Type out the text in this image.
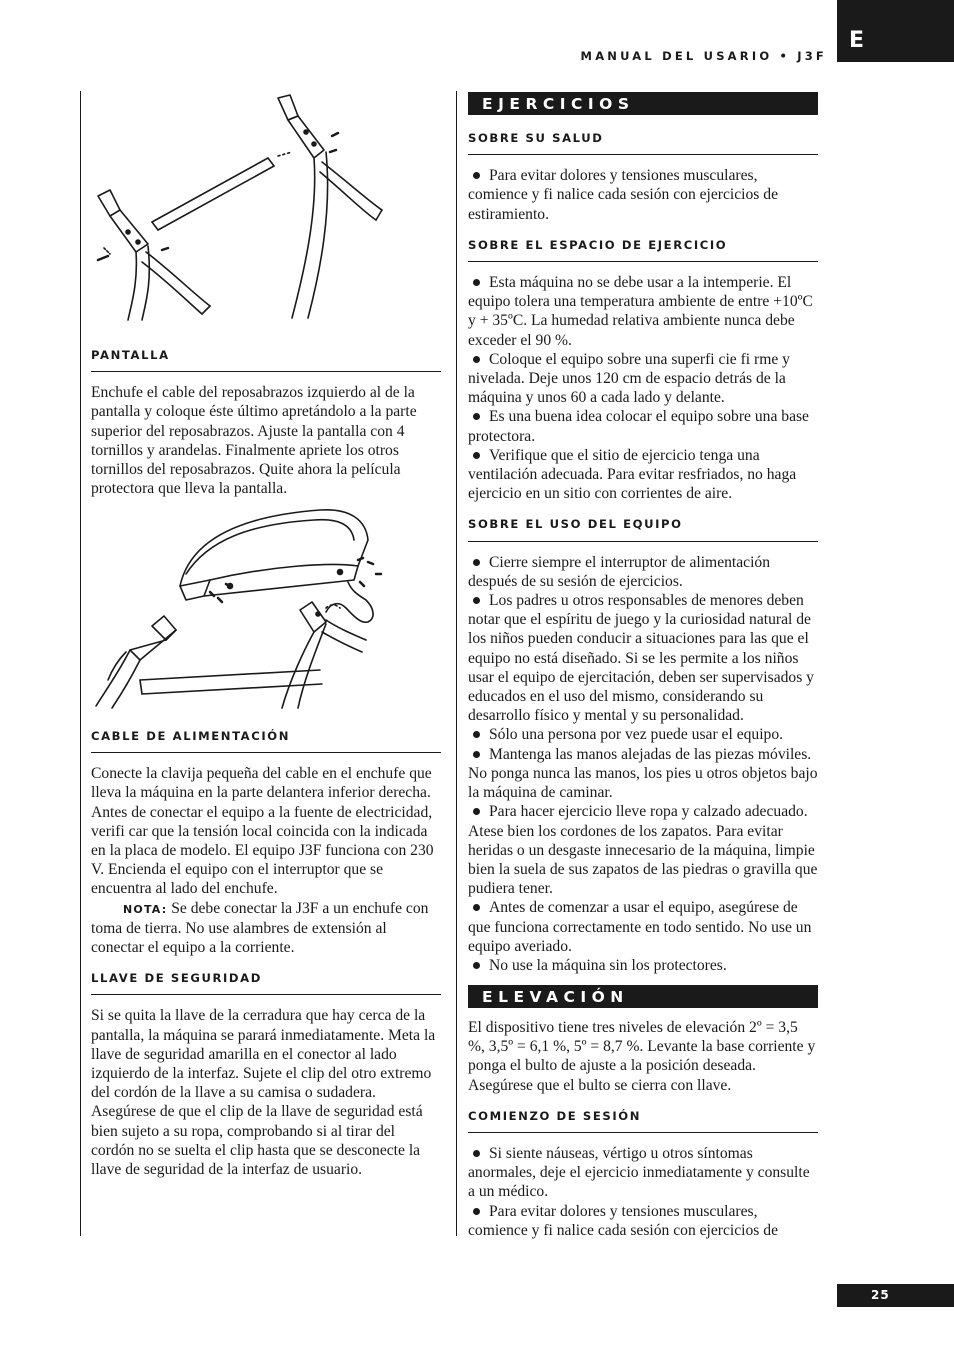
MANUAL DEL USARIO • J3F
E
PANTALLA

Enchufe el cable del reposabrazos izquierdo al de la pantalla y coloque éste último apretándolo a la parte superior del reposabrazos. Ajuste la pantalla con 4 tornillos y arandelas. Finalmente apriete los otros tornillos del reposabrazos. Quite ahora la película protectora que lleva la pantalla.

CABLE DE ALIMENTACIÓN

Conecte la clavija pequeña del cable en el enchufe que lleva la máquina en la parte delantera inferior derecha. Antes de conectar el equipo a la fuente de electricidad, verifi car que la tensión local coincida con la indicada en la placa de modelo. El equipo J3F funciona con 230 V. Encienda el equipo con el interruptor que se encuentra al lado del enchufe.

NOTA: Se debe conectar la J3F a un enchufe con toma de tierra. No use alambres de extensión al conectar el equipo a la corriente.

LLAVE DE SEGURIDAD

Si se quita la llave de la cerradura que hay cerca de la pantalla, la máquina se parará inmediatamente. Meta la llave de seguridad amarilla en el conector al lado izquierdo de la interfaz. Sujete el clip del otro extremo del cordón de la llave a su camisa o sudadera. Asegúrese de que el clip de la llave de seguridad está bien sujeto a su ropa, comprobando si al tirar del cordón no se suelta el clip hasta que se desconecte la llave de seguridad de la interfaz de usuario.

EJERCICIOS
SOBRE SU SALUD

Para evitar dolores y tensiones musculares, comience y fi nalice cada sesión con ejercicios de estiramiento.

SOBRE EL ESPACIO DE EJERCICIO

Esta máquina no se debe usar a la intemperie. El equipo tolera una temperatura ambiente de entre +10ºC y + 35ºC. La humedad relativa ambiente nunca debe exceder el 90 %.

Coloque el equipo sobre una superfi cie fi rme y nivelada. Deje unos 120 cm de espacio detrás de la máquina y unos 60 a cada lado y delante.

Es una buena idea colocar el equipo sobre una base protectora.

Verifique que el sitio de ejercicio tenga una ventilación adecuada. Para evitar resfriados, no haga ejercicio en un sitio con corrientes de aire.

SOBRE EL USO DEL EQUIPO

Cierre siempre el interruptor de alimentación después de su sesión de ejercicios.

Los padres u otros responsables de menores deben notar que el espíritu de juego y la curiosidad natural de los niños pueden conducir a situaciones para las que el equipo no está diseñado. Si se les permite a los niños usar el equipo de ejercitación, deben ser supervisados y educados en el uso del mismo, considerando su desarrollo físico y mental y su personalidad.

Sólo una persona por vez puede usar el equipo.

Mantenga las manos alejadas de las piezas móviles. No ponga nunca las manos, los pies u otros objetos bajo la máquina de caminar.

Para hacer ejercicio lleve ropa y calzado adecuado. Atese bien los cordones de los zapatos. Para evitar heridas o un desgaste innecesario de la máquina, limpie bien la suela de sus zapatos de las piedras o gravilla que pudiera tener.

Antes de comenzar a usar el equipo, asegúrese de que funciona correctamente en todo sentido. No use un equipo averiado.

No use la máquina sin los protectores.

ELEVACIÓN

El dispositivo tiene tres niveles de elevación 2º = 3,5 %, 3,5º = 6,1 %, 5º = 8,7 %. Levante la base corriente y ponga el bulto de ajuste a la posición deseada. Asegúrese que el bulto se cierra con llave.

COMIENZO DE SESIÓN

Si siente náuseas, vértigo u otros síntomas anormales, deje el ejercicio inmediatamente y consulte a un médico.

Para evitar dolores y tensiones musculares, comience y fi nalice cada sesión con ejercicios de

25
